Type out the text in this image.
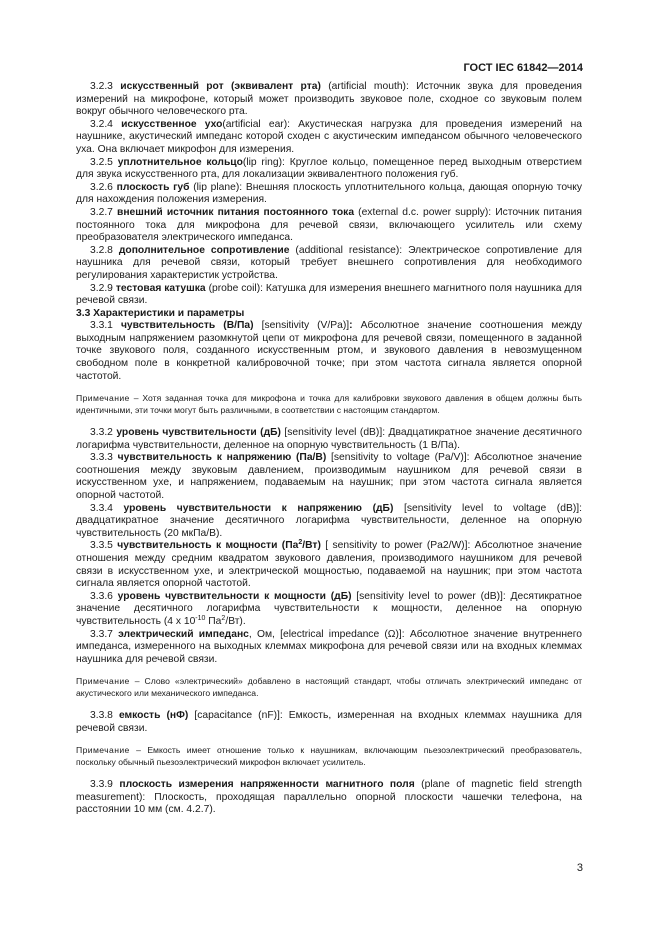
ГОСТ IEC 61842—2014

3.2.3 искусственный рот (эквивалент рта) (artificial mouth): Источник звука для проведения измерений на микрофоне, который может производить звуковое поле, сходное со звуковым полем вокруг обычного человеческого рта.

3.2.4 искусственное ухо(artificial ear): Акустическая нагрузка для проведения измерений на наушнике, акустический импеданс которой сходен с акустическим импедансом обычного человеческого уха. Она включает микрофон для измерения.

3.2.5 уплотнительное кольцо(lip ring): Круглое кольцо, помещенное перед выходным отверстием для звука искусственного рта, для локализации эквивалентного положения губ.

3.2.6 плоскость губ (lip plane): Внешняя плоскость уплотнительного кольца, дающая опорную точку для нахождения положения измерения.

3.2.7 внешний источник питания постоянного тока (external d.c. power supply): Источник питания постоянного тока для микрофона для речевой связи, включающего усилитель или схему преобразователя электрического импеданса.

3.2.8 дополнительное сопротивление (additional resistance): Электрическое сопротивление для наушника для речевой связи, который требует внешнего сопротивления для необходимого регулирования характеристик устройства.

3.2.9 тестовая катушка (probe coil): Катушка для измерения внешнего магнитного поля наушника для речевой связи.

3.3 Характеристики и параметры

3.3.1 чувствительность (В/Па) [sensitivity (V/Pa)]: Абсолютное значение соотношения между выходным напряжением разомкнутой цепи от микрофона для речевой связи, помещенного в заданной точке звукового поля, созданного искусственным ртом, и звукового давления в невозмущенном свободном поле в конкретной калибровочной точке; при этом частота сигнала является опорной частотой.

Примечание – Хотя заданная точка для микрофона и точка для калибровки звукового давления в общем должны быть идентичными, эти точки могут быть различными, в соответствии с настоящим стандартом.

3.3.2 уровень чувствительности (дБ) [sensitivity level (dB)]: Двадцатикратное значение десятичного логарифма чувствительности, деленное на опорную чувствительность (1 В/Па).

3.3.3 чувствительность к напряжению (Па/В) [sensitivity to voltage (Pa/V)]: Абсолютное значение соотношения между звуковым давлением, производимым наушником для речевой связи в искусственном ухе, и напряжением, подаваемым на наушник; при этом частота сигнала является опорной частотой.

3.3.4 уровень чувствительности к напряжению (дБ) [sensitivity level to voltage (dB)]: двадцатикратное значение десятичного логарифма чувствительности, деленное на опорную чувствительность (20 мкПа/В).

3.3.5 чувствительность к мощности $(Па^2/Вт)$ [ sensitivity to power (Pa2/W)]: Абсолютное значение отношения между средним квадратом звукового давления, производимого наушником для речевой связи в искусственном ухе, и электрической мощностью, подаваемой на наушник; при этом частота сигнала является опорной частотой.

3.3.6 уровень чувствительности к мощности (дБ) [sensitivity level to power (dB)]: Десятикратное значение десятичного логарифма чувствительности к мощности, деленное на опорную чувствительность (4 x $10^{-10}$ $Па^2/Вт$).

3.3.7 электрический импеданс, Ом, [electrical impedance (Ω)]: Абсолютное значение внутреннего импеданса, измеренного на выходных клеммах микрофона для речевой связи или на входных клеммах наушника для речевой связи.

Примечание – Слово «электрический» добавлено в настоящий стандарт, чтобы отличать электрический импеданс от акустического или механического импеданса.

3.3.8 емкость (нФ) [capacitance (nF)]: Емкость, измеренная на входных клеммах наушника для речевой связи.

Примечание – Емкость имеет отношение только к наушникам, включающим пьезоэлектрический преобразователь, поскольку обычный пьезоэлектрический микрофон включает усилитель.

3.3.9 плоскость измерения напряженности магнитного поля (plane of magnetic field strength measurement): Плоскость, проходящая параллельно опорной плоскости чашечки телефона, на расстоянии 10 мм (см. 4.2.7).

3
